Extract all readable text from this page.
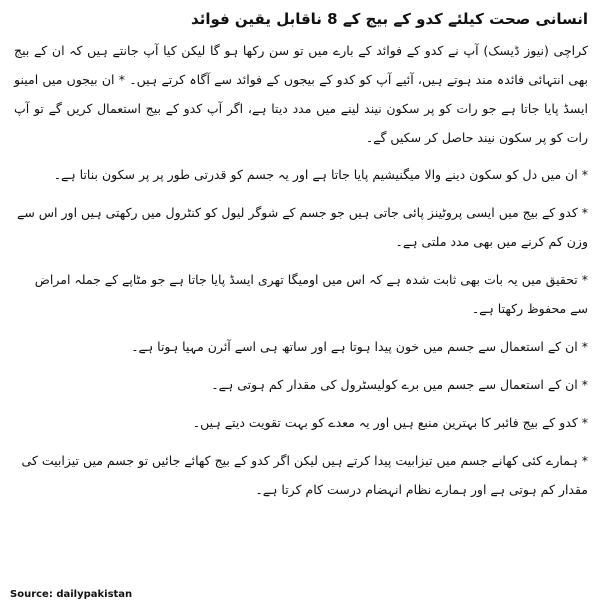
انسانی صحت کیلئے کدو کے بیج کے 8 ناقابل یقین فوائد

کراچی (نیوز ڈیسک) آپ نے کدو کے فوائد کے بارے میں تو سن رکھا ہو گا لیکن کیا آپ جانتے ہیں کہ ان کے بیج بھی انتہائی فائدہ مند ہوتے ہیں، آئیے آپ کو کدو کے بیجوں کے فوائد سے آگاہ کرتے ہیں۔ * ان بیجوں میں امینو ایسڈ پایا جاتا ہے جو رات کو پر سکون نیند لینے میں مدد دیتا ہے، اگر آپ کدو کے بیج استعمال کریں گے تو آپ رات کو پر سکون نیند حاصل کر سکیں گے۔

* ان میں دل کو سکون دینے والا میگنیشیم پایا جاتا ہے اور یہ جسم کو قدرتی طور پر پر سکون بناتا ہے۔

* کدو کے بیج میں ایسی پروٹینز پائی جاتی ہیں جو جسم کے شوگر لیول کو کنٹرول میں رکھتی ہیں اور اس سے وزن کم کرنے میں بھی مدد ملتی ہے۔

* تحقیق میں یہ بات بھی ثابت شدہ ہے کہ اس میں اومیگا تھری ایسڈ پایا جاتا ہے جو مٹاپے کے جملہ امراض سے محفوظ رکھتا ہے۔

* ان کے استعمال سے جسم میں خون پیدا ہوتا ہے اور ساتھ ہی اسے آئرن مہیا ہوتا ہے۔

* ان کے استعمال سے جسم میں برے کولیسٹرول کی مقدار کم ہوتی ہے۔

* کدو کے بیج فائبر کا بہترین منبع ہیں اور یہ معدے کو بہت تقویت دیتے ہیں۔

* ہمارے کئی کھانے جسم میں تیزابیت پیدا کرتے ہیں لیکن اگر کدو کے بیج کھائے جائیں تو جسم میں تیزابیت کی مقدار کم ہوتی ہے اور ہمارے نظام انہضام درست کام کرتا ہے۔

Source: dailypakistan
